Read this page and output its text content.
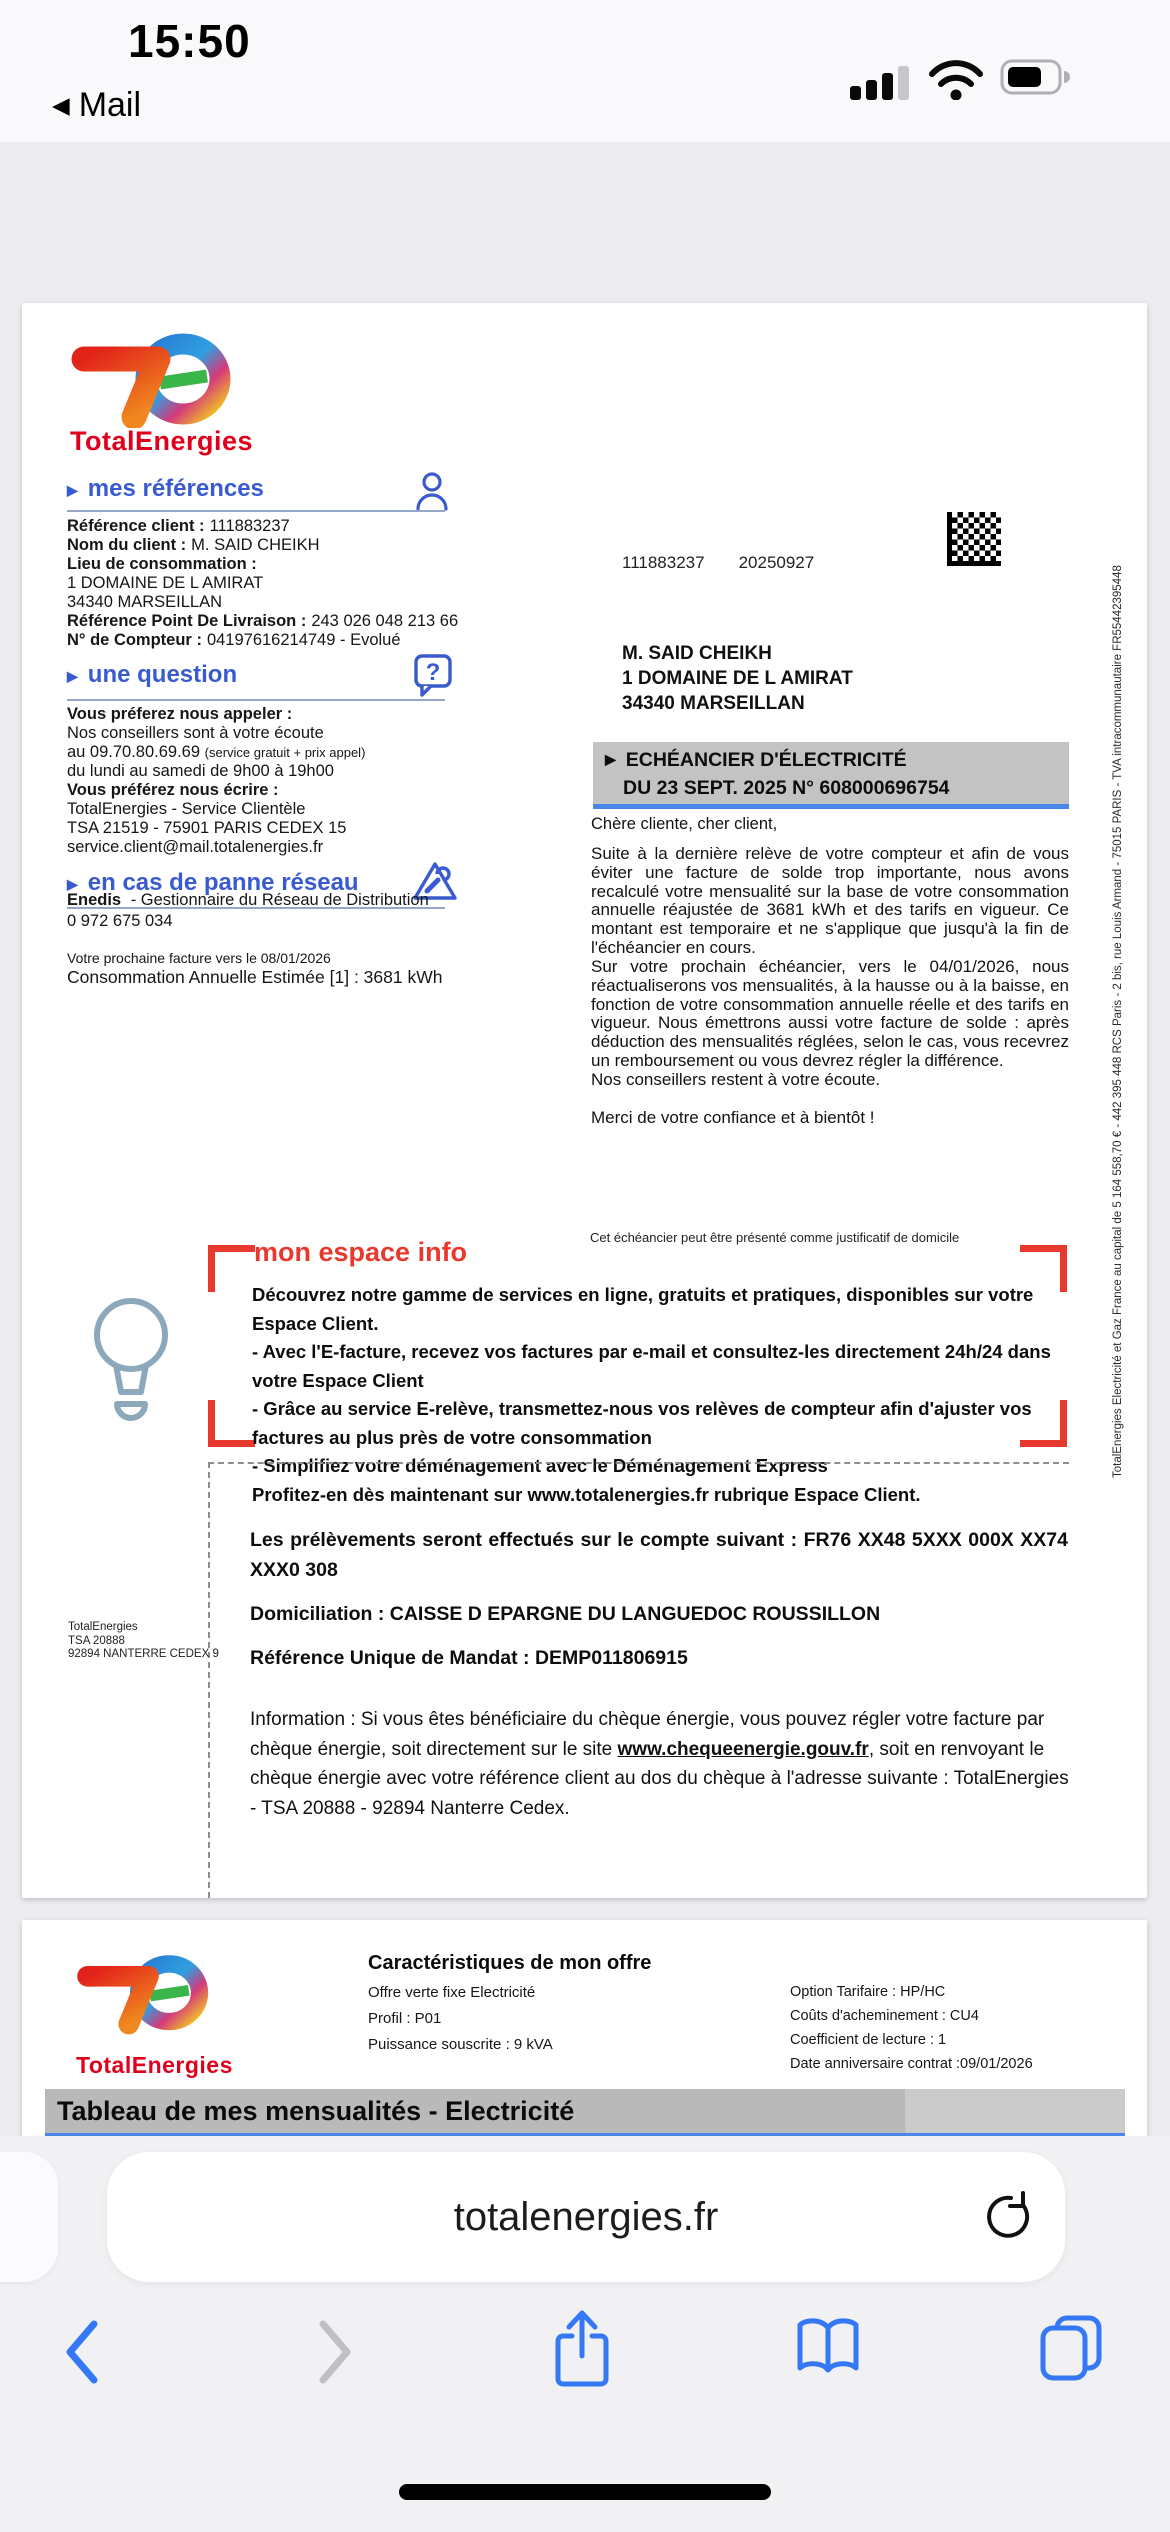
15:50
◀ Mail
TotalEnergies
▶ mes références
Référence client : 111883237
Nom du client : M. SAID CHEIKH
Lieu de consommation :
1 DOMAINE DE L AMIRAT
34340 MARSEILLAN
Référence Point De Livraison : 243 026 048 213 66
N° de Compteur : 04197616214749 - Evolué
▶ une question	?
Vous préferez nous appeler :
Nos conseillers sont à votre écoute
au 09.70.80.69.69 (service gratuit + prix appel)
du lundi au samedi de 9h00 à 19h00
Vous préférez nous écrire :
TotalEnergies - Service Clientèle
TSA 21519 - 75901 PARIS CEDEX 15
service.client@mail.totalenergies.fr
▶ en cas de panne réseau
Enedis - Gestionnaire du Réseau de Distribution
0 972 675 034
Votre prochaine facture vers le 08/01/2026
Consommation Annuelle Estimée [1] : 3681 kWh
111883237 20250927
M. SAID CHEIKH
1 DOMAINE DE L AMIRAT
34340 MARSEILLAN
► ECHÉANCIER D'ÉLECTRICITÉ
DU 23 SEPT. 2025 N° 608000696754
Chère cliente, cher client,
Suite à la dernière relève de votre compteur et afin de vous éviter une facture de solde trop importante, nous avons recalculé votre mensualité sur la base de votre consommation annuelle réajustée de 3681 kWh et des tarifs en vigueur. Ce montant est temporaire et ne s'applique que jusqu'à la fin de l'échéancier en cours.
Sur votre prochain échéancier, vers le 04/01/2026, nous réactualiserons vos mensualités, à la hausse ou à la baisse, en fonction de votre consommation annuelle réelle et des tarifs en vigueur. Nous émettrons aussi votre facture de solde : après déduction des mensualités réglées, selon le cas, vous recevrez un remboursement ou vous devrez régler la différence.
Nos conseillers restent à votre écoute.
Merci de votre confiance et à bientôt !
Cet échéancier peut être présenté comme justificatif de domicile
mon espace info
Découvrez notre gamme de services en ligne, gratuits et pratiques, disponibles sur votre Espace Client.
- Avec l'E-facture, recevez vos factures par e-mail et consultez-les directement 24h/24 dans votre Espace Client
- Grâce au service E-relève, transmettez-nous vos relèves de compteur afin d'ajuster vos factures au plus près de votre consommation
- Simplifiez votre déménagement avec le Déménagement Express
Profitez-en dès maintenant sur www.totalenergies.fr rubrique Espace Client.
Les prélèvements seront effectués sur le compte suivant : FR76 XX48 5XXX 000X XX74 XXX0 308
Domiciliation : CAISSE D EPARGNE DU LANGUEDOC ROUSSILLON
Référence Unique de Mandat : DEMP011806915
Information : Si vous êtes bénéficiaire du chèque énergie, vous pouvez régler votre facture par chèque énergie, soit directement sur le site www.chequeenergie.gouv.fr, soit en renvoyant le chèque énergie avec votre référence client au dos du chèque à l'adresse suivante : TotalEnergies - TSA 20888 - 92894 Nanterre Cedex.
TotalEnergies
TSA 20888
92894 NANTERRE CEDEX 9
TotalEnergies Electricité et Gaz France au capital de 5 164 558,70 € - 442 395 448 RCS Paris - 2 bis, rue Louis Armand - 75015 PARIS - TVA intracommunautaire FR55442395448
TotalEnergies
Caractéristiques de mon offre
Offre verte fixe Electricité
Profil : P01
Puissance souscrite : 9 kVA
Option Tarifaire : HP/HC
Coûts d'acheminement : CU4
Coefficient de lecture : 1
Date anniversaire contrat :09/01/2026
Tableau de mes mensualités - Electricité
totalenergies.fr
